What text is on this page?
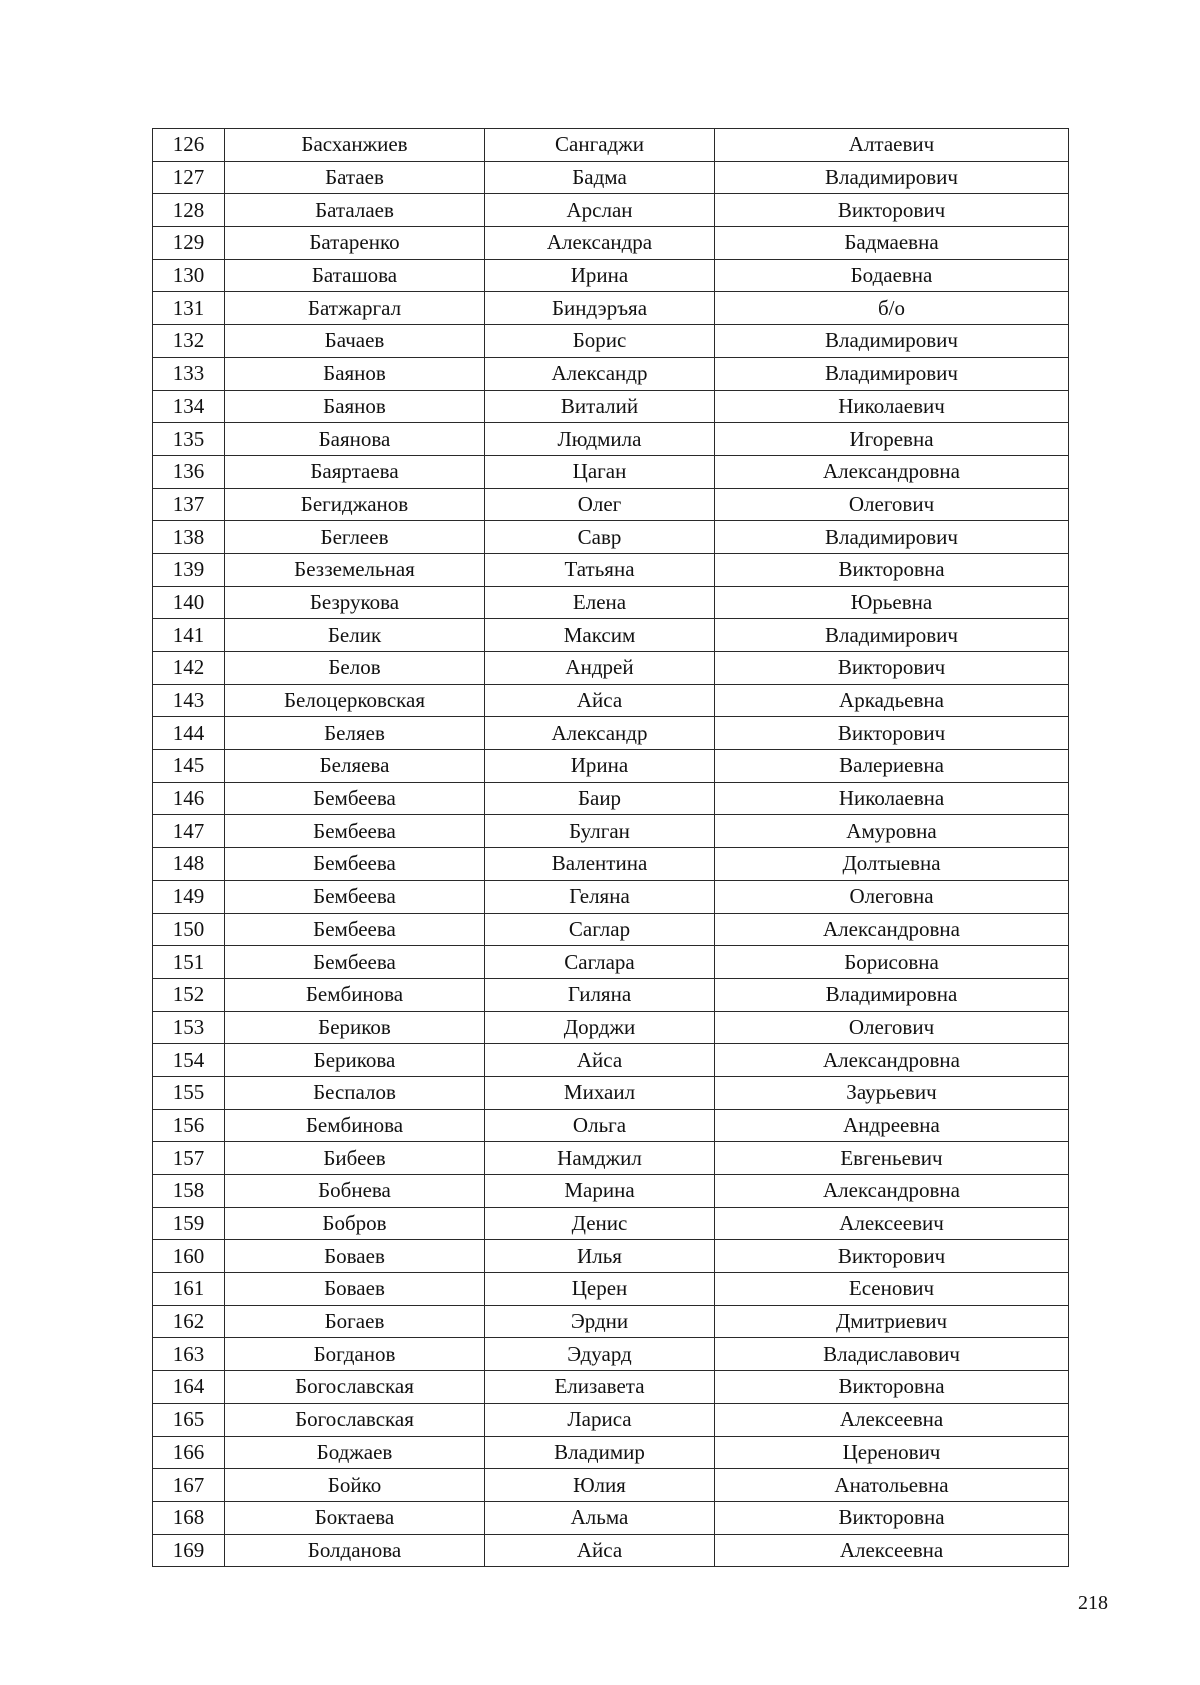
126	Басханжиев	Сангаджи	Алтаевич
127	Батаев	Бадма	Владимирович
128	Баталаев	Арслан	Викторович
129	Батаренко	Александра	Бадмаевна
130	Баташова	Ирина	Бодаевна
131	Батжаргал	Биндэръяа	б/о
132	Бачаев	Борис	Владимирович
133	Баянов	Александр	Владимирович
134	Баянов	Виталий	Николаевич
135	Баянова	Людмила	Игоревна
136	Баяртаева	Цаган	Александровна
137	Бегиджанов	Олег	Олегович
138	Беглеев	Савр	Владимирович
139	Безземельная	Татьяна	Викторовна
140	Безрукова	Елена	Юрьевна
141	Белик	Максим	Владимирович
142	Белов	Андрей	Викторович
143	Белоцерковская	Айса	Аркадьевна
144	Беляев	Александр	Викторович
145	Беляева	Ирина	Валериевна
146	Бембеева	Баир	Николаевна
147	Бембеева	Булган	Амуровна
148	Бембеева	Валентина	Долтыевна
149	Бембеева	Геляна	Олеговна
150	Бембеева	Саглар	Александровна
151	Бембеева	Саглара	Борисовна
152	Бембинова	Гиляна	Владимировна
153	Бериков	Дорджи	Олегович
154	Берикова	Айса	Александровна
155	Беспалов	Михаил	Заурьевич
156	Бембинова	Ольга	Андреевна
157	Бибеев	Намджил	Евгеньевич
158	Бобнева	Марина	Александровна
159	Бобров	Денис	Алексеевич
160	Боваев	Илья	Викторович
161	Боваев	Церен	Есенович
162	Богаев	Эрдни	Дмитриевич
163	Богданов	Эдуард	Владиславович
164	Богославская	Елизавета	Викторовна
165	Богославская	Лариса	Алексеевна
166	Боджаев	Владимир	Церенович
167	Бойко	Юлия	Анатольевна
168	Боктаева	Альма	Викторовна
169	Болданова	Айса	Алексеевна
218
